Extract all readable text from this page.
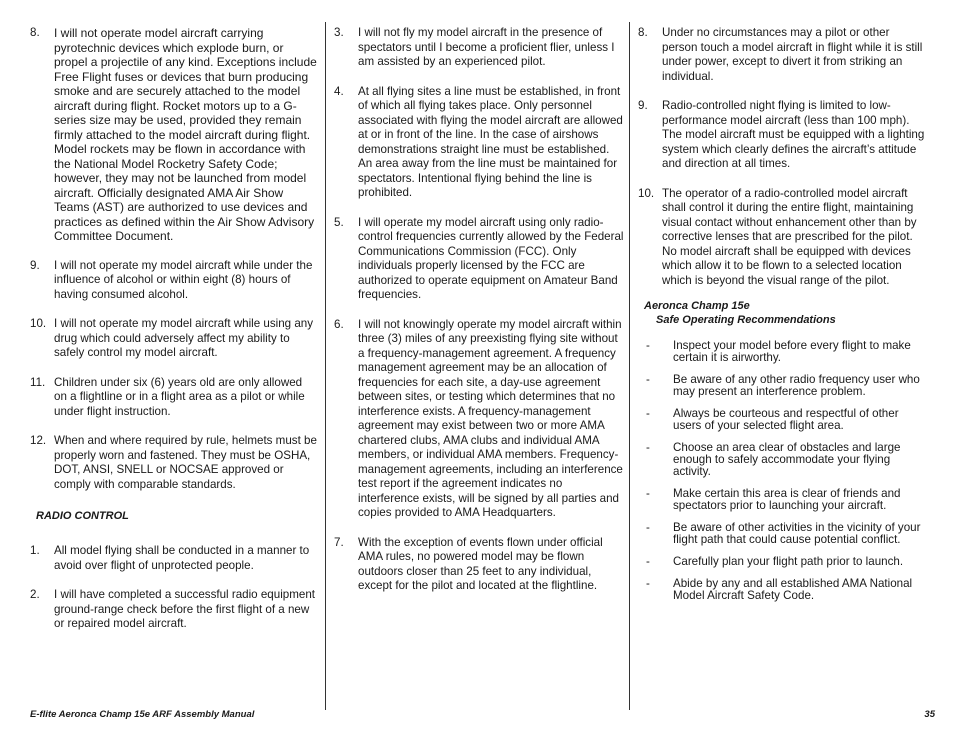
8.	I will not operate model aircraft carrying pyrotechnic devices which explode burn, or propel a projectile of any kind. Exceptions include Free Flight fuses or devices that burn producing smoke and are securely attached to the model aircraft during flight. Rocket motors up to a G-series size may be used, provided they remain firmly attached to the model aircraft during flight. Model rockets may be flown in accordance with the National Model Rocketry Safety Code; however, they may not be launched from model aircraft. Officially designated AMA Air Show Teams (AST) are authorized to use devices and practices as defined within the Air Show Advisory Committee Document.
9.	I will not operate my model aircraft while under the influence of alcohol or within eight (8) hours of having consumed alcohol.
10. I will not operate my model aircraft while using any drug which could adversely affect my ability to safely control my model aircraft.
11. Children under six (6) years old are only allowed on a flightline or in a flight area as a pilot or while under flight instruction.
12. When and where required by rule, helmets must be properly worn and fastened. They must be OSHA, DOT, ANSI, SNELL or NOCSAE approved or comply with comparable standards.
RADIO CONTROL
1.	All model flying shall be conducted in a manner to avoid over flight of unprotected people.
2.	I will have completed a successful radio equipment ground-range check before the first flight of a new or repaired model aircraft.
3.	I will not fly my model aircraft in the presence of spectators until I become a proficient flier, unless I am assisted by an experienced pilot.
4.	At all flying sites a line must be established, in front of which all flying takes place. Only personnel associated with flying the model aircraft are allowed at or in front of the line. In the case of airshows demonstrations straight line must be established. An area away from the line must be maintained for spectators. Intentional flying behind the line is prohibited.
5.	I will operate my model aircraft using only radio-control frequencies currently allowed by the Federal Communications Commission (FCC). Only individuals properly licensed by the FCC are authorized to operate equipment on Amateur Band frequencies.
6.	I will not knowingly operate my model aircraft within three (3) miles of any preexisting flying site without a frequency-management agreement. A frequency management agreement may be an allocation of frequencies for each site, a day-use agreement between sites, or testing which determines that no interference exists. A frequency-management agreement may exist between two or more AMA chartered clubs, AMA clubs and individual AMA members, or individual AMA members. Frequency-management agreements, including an interference test report if the agreement indicates no interference exists, will be signed by all parties and copies provided to AMA Headquarters.
7.	With the exception of events flown under official AMA rules, no powered model may be flown outdoors closer than 25 feet to any individual, except for the pilot and located at the flightline.
8.	Under no circumstances may a pilot or other person touch a model aircraft in flight while it is still under power, except to divert it from striking an individual.
9.	Radio-controlled night flying is limited to low-performance model aircraft (less than 100 mph). The model aircraft must be equipped with a lighting system which clearly defines the aircraft’s attitude and direction at all times.
10. The operator of a radio-controlled model aircraft shall control it during the entire flight, maintaining visual contact without enhancement other than by corrective lenses that are prescribed for the pilot. No model aircraft shall be equipped with devices which allow it to be flown to a selected location which is beyond the visual range of the pilot.
Aeronca Champ 15e
Safe Operating Recommendations
-	Inspect your model before every flight to make certain it is airworthy.
-	Be aware of any other radio frequency user who may present an interference problem.
-	Always be courteous and respectful of other users of your selected flight area.
-	Choose an area clear of obstacles and large enough to safely accommodate your flying activity.
-	Make certain this area is clear of friends and spectators prior to launching your aircraft.
-	Be aware of other activities in the vicinity of your flight path that could cause potential conflict.
-	Carefully plan your flight path prior to launch.
-	Abide by any and all established AMA National Model Aircraft Safety Code.
E-flite Aeronca Champ 15e ARF Assembly Manual	35
